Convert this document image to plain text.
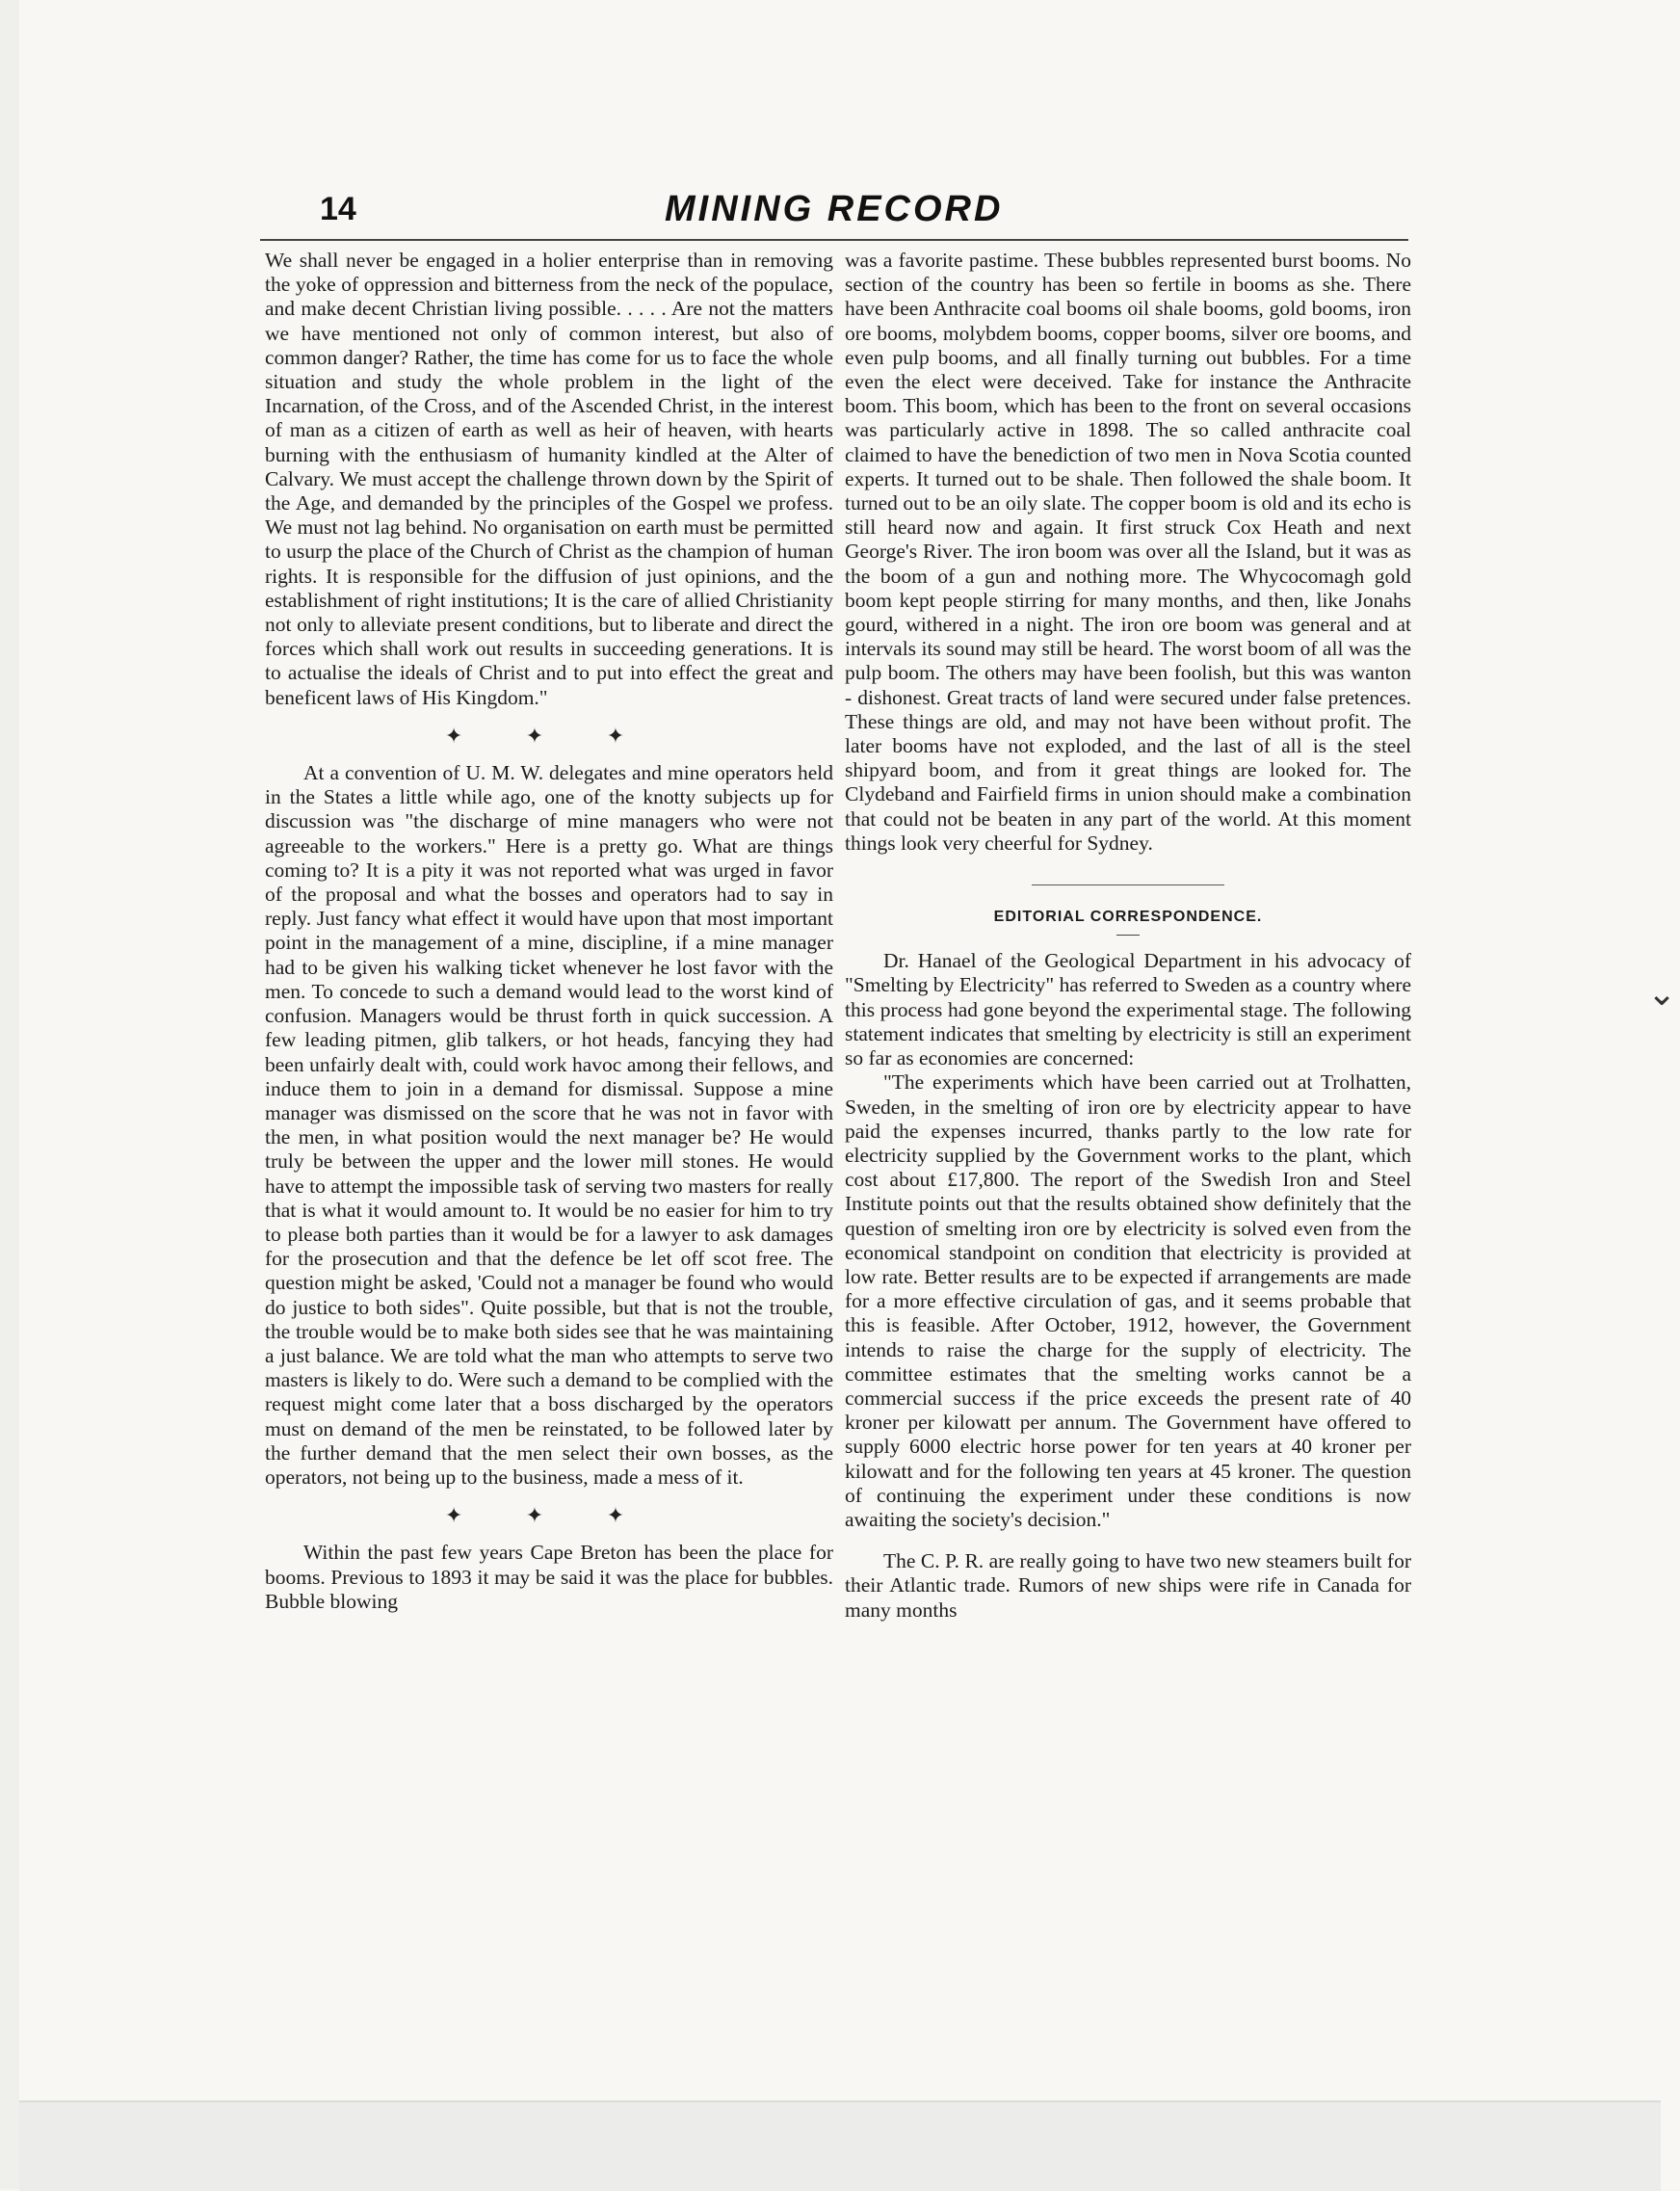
14	MINING RECORD

We shall never be engaged in a holier enterprise than in removing the yoke of oppression and bitterness from the neck of the populace, and make decent Christian living possible. . . . . Are not the matters we have mentioned not only of common interest, but also of common danger? Rather, the time has come for us to face the whole situation and study the whole problem in the light of the Incarnation, of the Cross, and of the Ascended Christ, in the interest of man as a citizen of earth as well as heir of heaven, with hearts burning with the enthusiasm of humanity kindled at the Alter of Calvary. We must accept the challenge thrown down by the Spirit of the Age, and demanded by the principles of the Gospel we profess. We must not lag behind. No organisation on earth must be permitted to usurp the place of the Church of Christ as the champion of human rights. It is responsible for the diffusion of just opinions, and the establishment of right institutions; It is the care of allied Christianity not only to alleviate present conditions, but to liberate and direct the forces which shall work out results in succeeding generations. It is to actualise the ideals of Christ and to put into effect the great and beneficent laws of His Kingdom."

✦ ✦ ✦

At a convention of U. M. W. delegates and mine operators held in the States a little while ago, one of the knotty subjects up for discussion was "the discharge of mine managers who were not agreeable to the workers." Here is a pretty go. What are things coming to? It is a pity it was not reported what was urged in favor of the proposal and what the bosses and operators had to say in reply. Just fancy what effect it would have upon that most important point in the management of a mine, discipline, if a mine manager had to be given his walking ticket whenever he lost favor with the men. To concede to such a demand would lead to the worst kind of confusion. Managers would be thrust forth in quick succession. A few leading pitmen, glib talkers, or hot heads, fancying they had been unfairly dealt with, could work havoc among their fellows, and induce them to join in a demand for dismissal. Suppose a mine manager was dismissed on the score that he was not in favor with the men, in what position would the next manager be? He would truly be between the upper and the lower mill stones. He would have to attempt the impossible task of serving two masters for really that is what it would amount to. It would be no easier for him to try to please both parties than it would be for a lawyer to ask damages for the prosecution and that the defence be let off scot free. The question might be asked, 'Could not a manager be found who would do justice to both sides". Quite possible, but that is not the trouble, the trouble would be to make both sides see that he was maintaining a just balance. We are told what the man who attempts to serve two masters is likely to do. Were such a demand to be complied with the request might come later that a boss discharged by the operators must on demand of the men be reinstated, to be followed later by the further demand that the men select their own bosses, as the operators, not being up to the business, made a mess of it.

✦ ✦ ✦

Within the past few years Cape Breton has been the place for booms. Previous to 1893 it may be said it was the place for bubbles. Bubble blowing

was a favorite pastime. These bubbles represented burst booms. No section of the country has been so fertile in booms as she. There have been Anthracite coal booms oil shale booms, gold booms, iron ore booms, molybdem booms, copper booms, silver ore booms, and even pulp booms, and all finally turning out bubbles. For a time even the elect were deceived. Take for instance the Anthracite boom. This boom, which has been to the front on several occasions was particularly active in 1898. The so called anthracite coal claimed to have the benediction of two men in Nova Scotia counted experts. It turned out to be shale. Then followed the shale boom. It turned out to be an oily slate. The copper boom is old and its echo is still heard now and again. It first struck Cox Heath and next George's River. The iron boom was over all the Island, but it was as the boom of a gun and nothing more. The Whycocomagh gold boom kept people stirring for many months, and then, like Jonahs gourd, withered in a night. The iron ore boom was general and at intervals its sound may still be heard. The worst boom of all was the pulp boom. The others may have been foolish, but this was wanton - dishonest. Great tracts of land were secured under false pretences. These things are old, and may not have been without profit. The later booms have not exploded, and the last of all is the steel shipyard boom, and from it great things are looked for. The Clydeband and Fairfield firms in union should make a combination that could not be beaten in any part of the world. At this moment things look very cheerful for Sydney.

EDITORIAL CORRESPONDENCE.

Dr. Hanael of the Geological Department in his advocacy of "Smelting by Electricity" has referred to Sweden as a country where this process had gone beyond the experimental stage. The following statement indicates that smelting by electricity is still an experiment so far as economies are concerned:

"The experiments which have been carried out at Trolhatten, Sweden, in the smelting of iron ore by electricity appear to have paid the expenses incurred, thanks partly to the low rate for electricity supplied by the Government works to the plant, which cost about £17,800. The report of the Swedish Iron and Steel Institute points out that the results obtained show definitely that the question of smelting iron ore by electricity is solved even from the economical standpoint on condition that electricity is provided at low rate. Better results are to be expected if arrangements are made for a more effective circulation of gas, and it seems probable that this is feasible. After October, 1912, however, the Government intends to raise the charge for the supply of electricity. The committee estimates that the smelting works cannot be a commercial success if the price exceeds the present rate of 40 kroner per kilowatt per annum. The Government have offered to supply 6000 electric horse power for ten years at 40 kroner per kilowatt and for the following ten years at 45 kroner. The question of continuing the experiment under these conditions is now awaiting the society's decision."

The C. P. R. are really going to have two new steamers built for their Atlantic trade. Rumors of new ships were rife in Canada for many months

⌄
